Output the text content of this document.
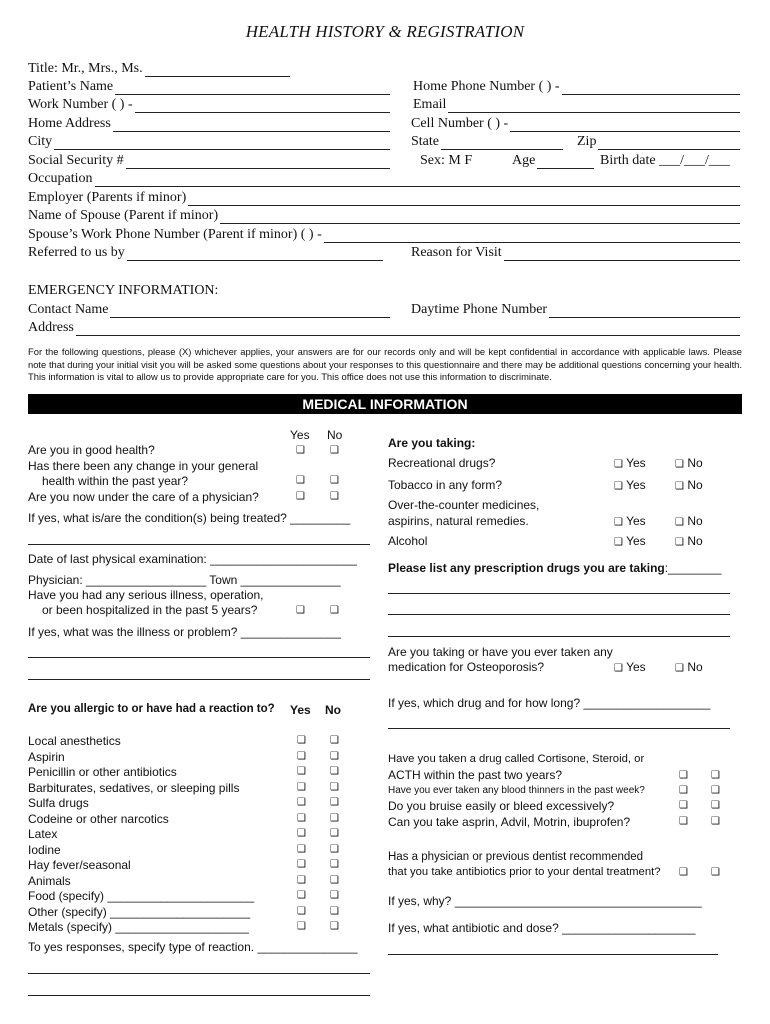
HEALTH HISTORY & REGISTRATION
Title: Mr., Mrs., Ms.
Patient’s Name
Work Number ( ) -
Home Address
City
Social Security #
Occupation
Employer (Parents if minor)
Name of Spouse (Parent if minor)
Spouse’s Work Phone Number (Parent if minor) ( ) -
Referred to us by
Home Phone Number ( ) -
Email
Cell Number ( ) -
State	Zip
Sex: M F	Age	Birth date ___/___/___
Reason for Visit
EMERGENCY INFORMATION:
Contact Name	Daytime Phone Number
Address
For the following questions, please (X) whichever applies, your answers are for our records only and will be kept confidential in accordance with applicable laws. Please note that during your initial visit you will be asked some questions about your responses to this questionnaire and there may be additional questions concerning your health. This information is vital to allow us to provide appropriate care for you. This office does not use this information to discriminate.
MEDICAL INFORMATION
Yes No
Are you in good health?	❑	❑
Has there been any change in your general
health within the past year?	❑	❑
Are you now under the care of a physician?	❑	❑
If yes, what is/are the condition(s) being treated? _________
Date of last physical examination: ______________________
Physician: __________________ Town _______________
Have you had any serious illness, operation,
or been hospitalized in the past 5 years?	❑	❑
If yes, what was the illness or problem? _______________
Are you allergic to or have had a reaction to? Yes No
Local anesthetics	❑ ❑
Aspirin	❑ ❑
Penicillin or other antibiotics	❑ ❑
Barbiturates, sedatives, or sleeping pills	❑ ❑
Sulfa drugs	❑ ❑
Codeine or other narcotics	❑ ❑
Latex	❑ ❑
Iodine	❑ ❑
Hay fever/seasonal	❑ ❑
Animals	❑ ❑
Food (specify) ______________________	❑ ❑
Other (specify) _____________________	❑ ❑
Metals (specify) ____________________	❑ ❑
To yes responses, specify type of reaction. _______________
Are you taking:
Recreational drugs?	❑ Yes	❑ No
Tobacco in any form?	❑ Yes	❑ No
Over-the-counter medicines,
aspirins, natural remedies.	❑ Yes	❑ No
Alcohol	❑ Yes	❑ No
Please list any prescription drugs you are taking:________
Are you taking or have you ever taken any
medication for Osteoporosis?	❑ Yes	❑ No
If yes, which drug and for how long? ___________________
Have you taken a drug called Cortisone, Steroid, or
ACTH within the past two years?	❑ ❑
Have you ever taken any blood thinners in the past week?	❑ ❑
Do you bruise easily or bleed excessively?	❑ ❑
Can you take asprin, Advil, Motrin, ibuprofen?	❑ ❑
Has a physician or previous dentist recommended
that you take antibiotics prior to your dental treatment? ❑ ❑
If yes, why? _____________________________________
If yes, what antibiotic and dose? ____________________
